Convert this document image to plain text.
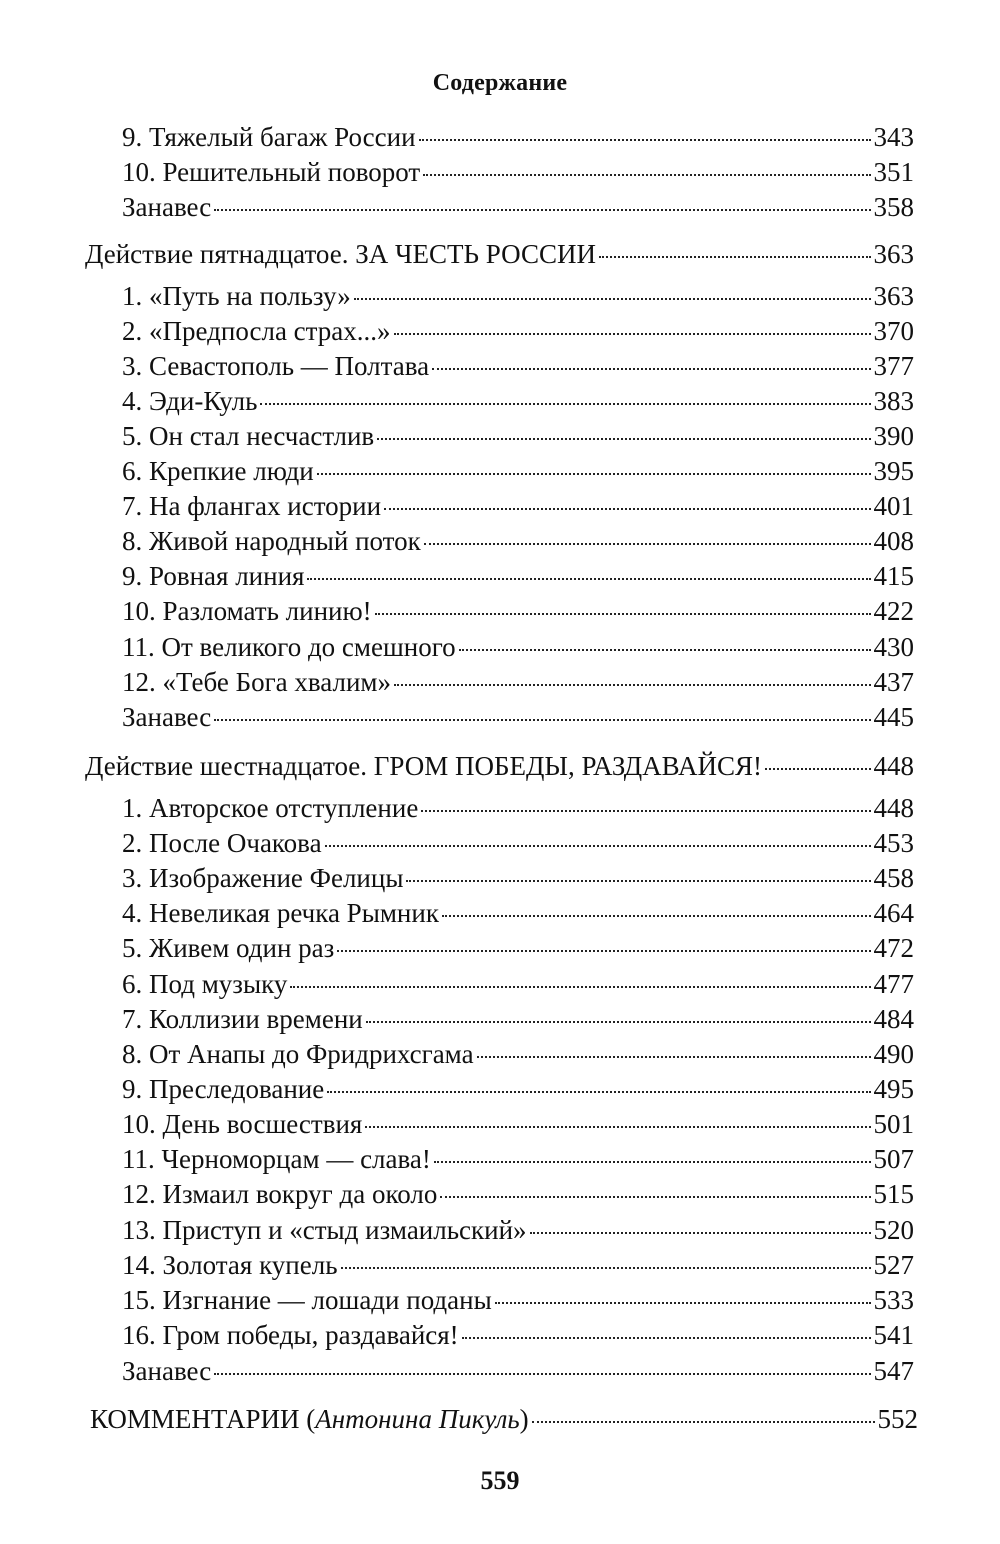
Содержание
9. Тяжелый багаж России	343
10. Решительный поворот	351
Занавес	358
Действие пятнадцатое. ЗА ЧЕСТЬ РОССИИ	363
1. «Путь на пользу»	363
2. «Предпосла страх...»	370
3. Севастополь — Полтава	377
4. Эди-Куль	383
5. Он стал несчастлив	390
6. Крепкие люди	395
7. На флангах истории	401
8. Живой народный поток	408
9. Ровная линия	415
10. Разломать линию!	422
11. От великого до смешного	430
12. «Тебе Бога хвалим»	437
Занавес	445
Действие шестнадцатое. ГРОМ ПОБЕДЫ, РАЗДАВАЙСЯ!	448
1. Авторское отступление	448
2. После Очакова	453
3. Изображение Фелицы	458
4. Невеликая речка Рымник	464
5. Живем один раз	472
6. Под музыку	477
7. Коллизии времени	484
8. От Анапы до Фридрихсгама	490
9. Преследование	495
10. День восшествия	501
11. Черноморцам — слава!	507
12. Измаил вокруг да около	515
13. Приступ и «стыд измаильский»	520
14. Золотая купель	527
15. Изгнание — лошади поданы	533
16. Гром победы, раздавайся!	541
Занавес	547
КОММЕНТАРИИ (Антонина Пикуль)	552
559
